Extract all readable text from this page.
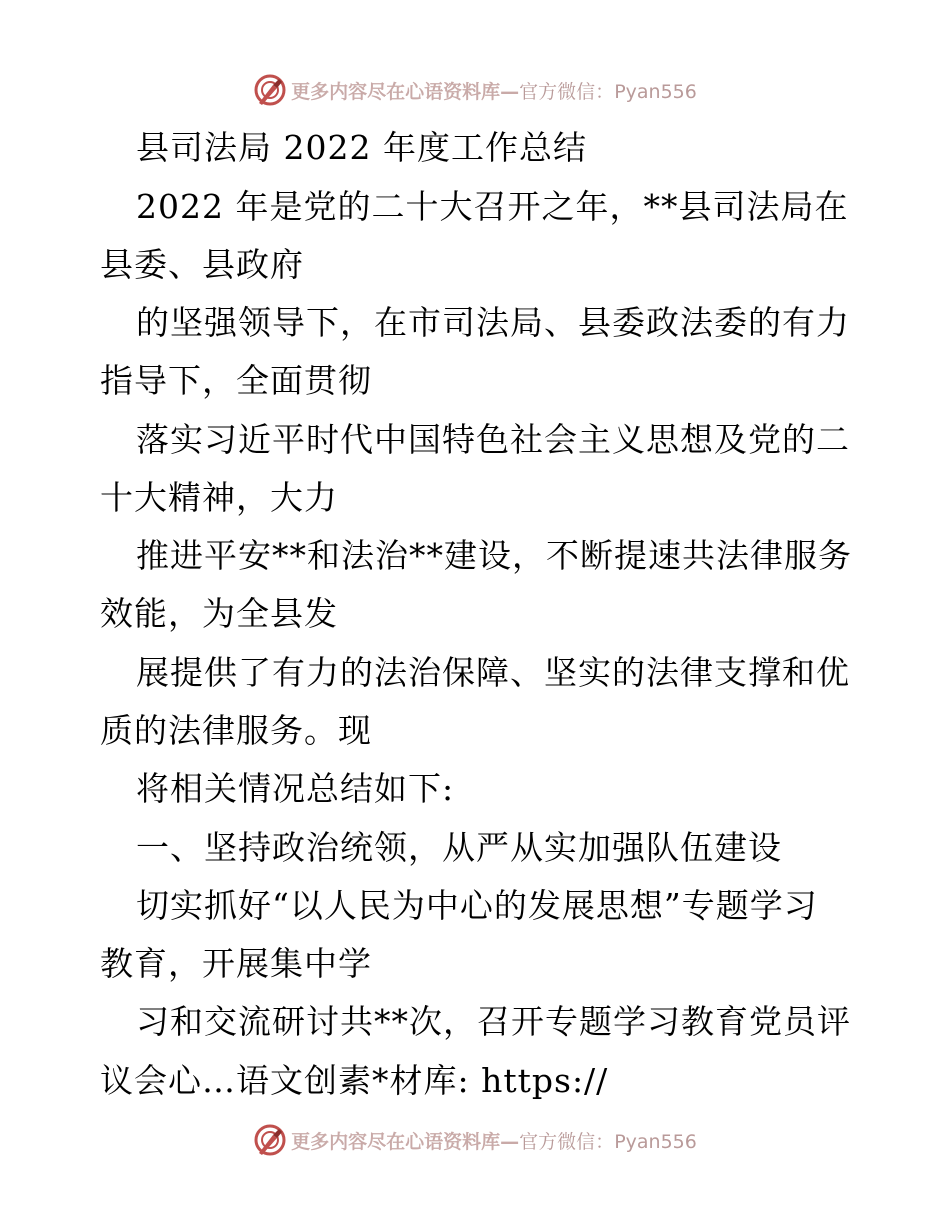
更多内容尽在心语资料库—官方微信：Pyan556
县司法局 2022 年度工作总结
2022 年是党的二十大召开之年，**县司法局在
县委、县政府
的坚强领导下，在市司法局、县委政法委的有力
指导下，全面贯彻
落实习近平时代中国特色社会主义思想及党的二
十大精神，大力
推进平安**和法治**建设，不断提速共法律服务
效能，为全县发
展提供了有力的法治保障、坚实的法律支撑和优
质的法律服务。现
将相关情况总结如下:
一、坚持政治统领，从严从实加强队伍建设
切实抓好“以人民为中心的发展思想”专题学习
教育，开展集中学
习和交流研讨共**次，召开专题学习教育党员评
议会心…语文创素*材库: https://
更多内容尽在心语资料库—官方微信：Pyan556
